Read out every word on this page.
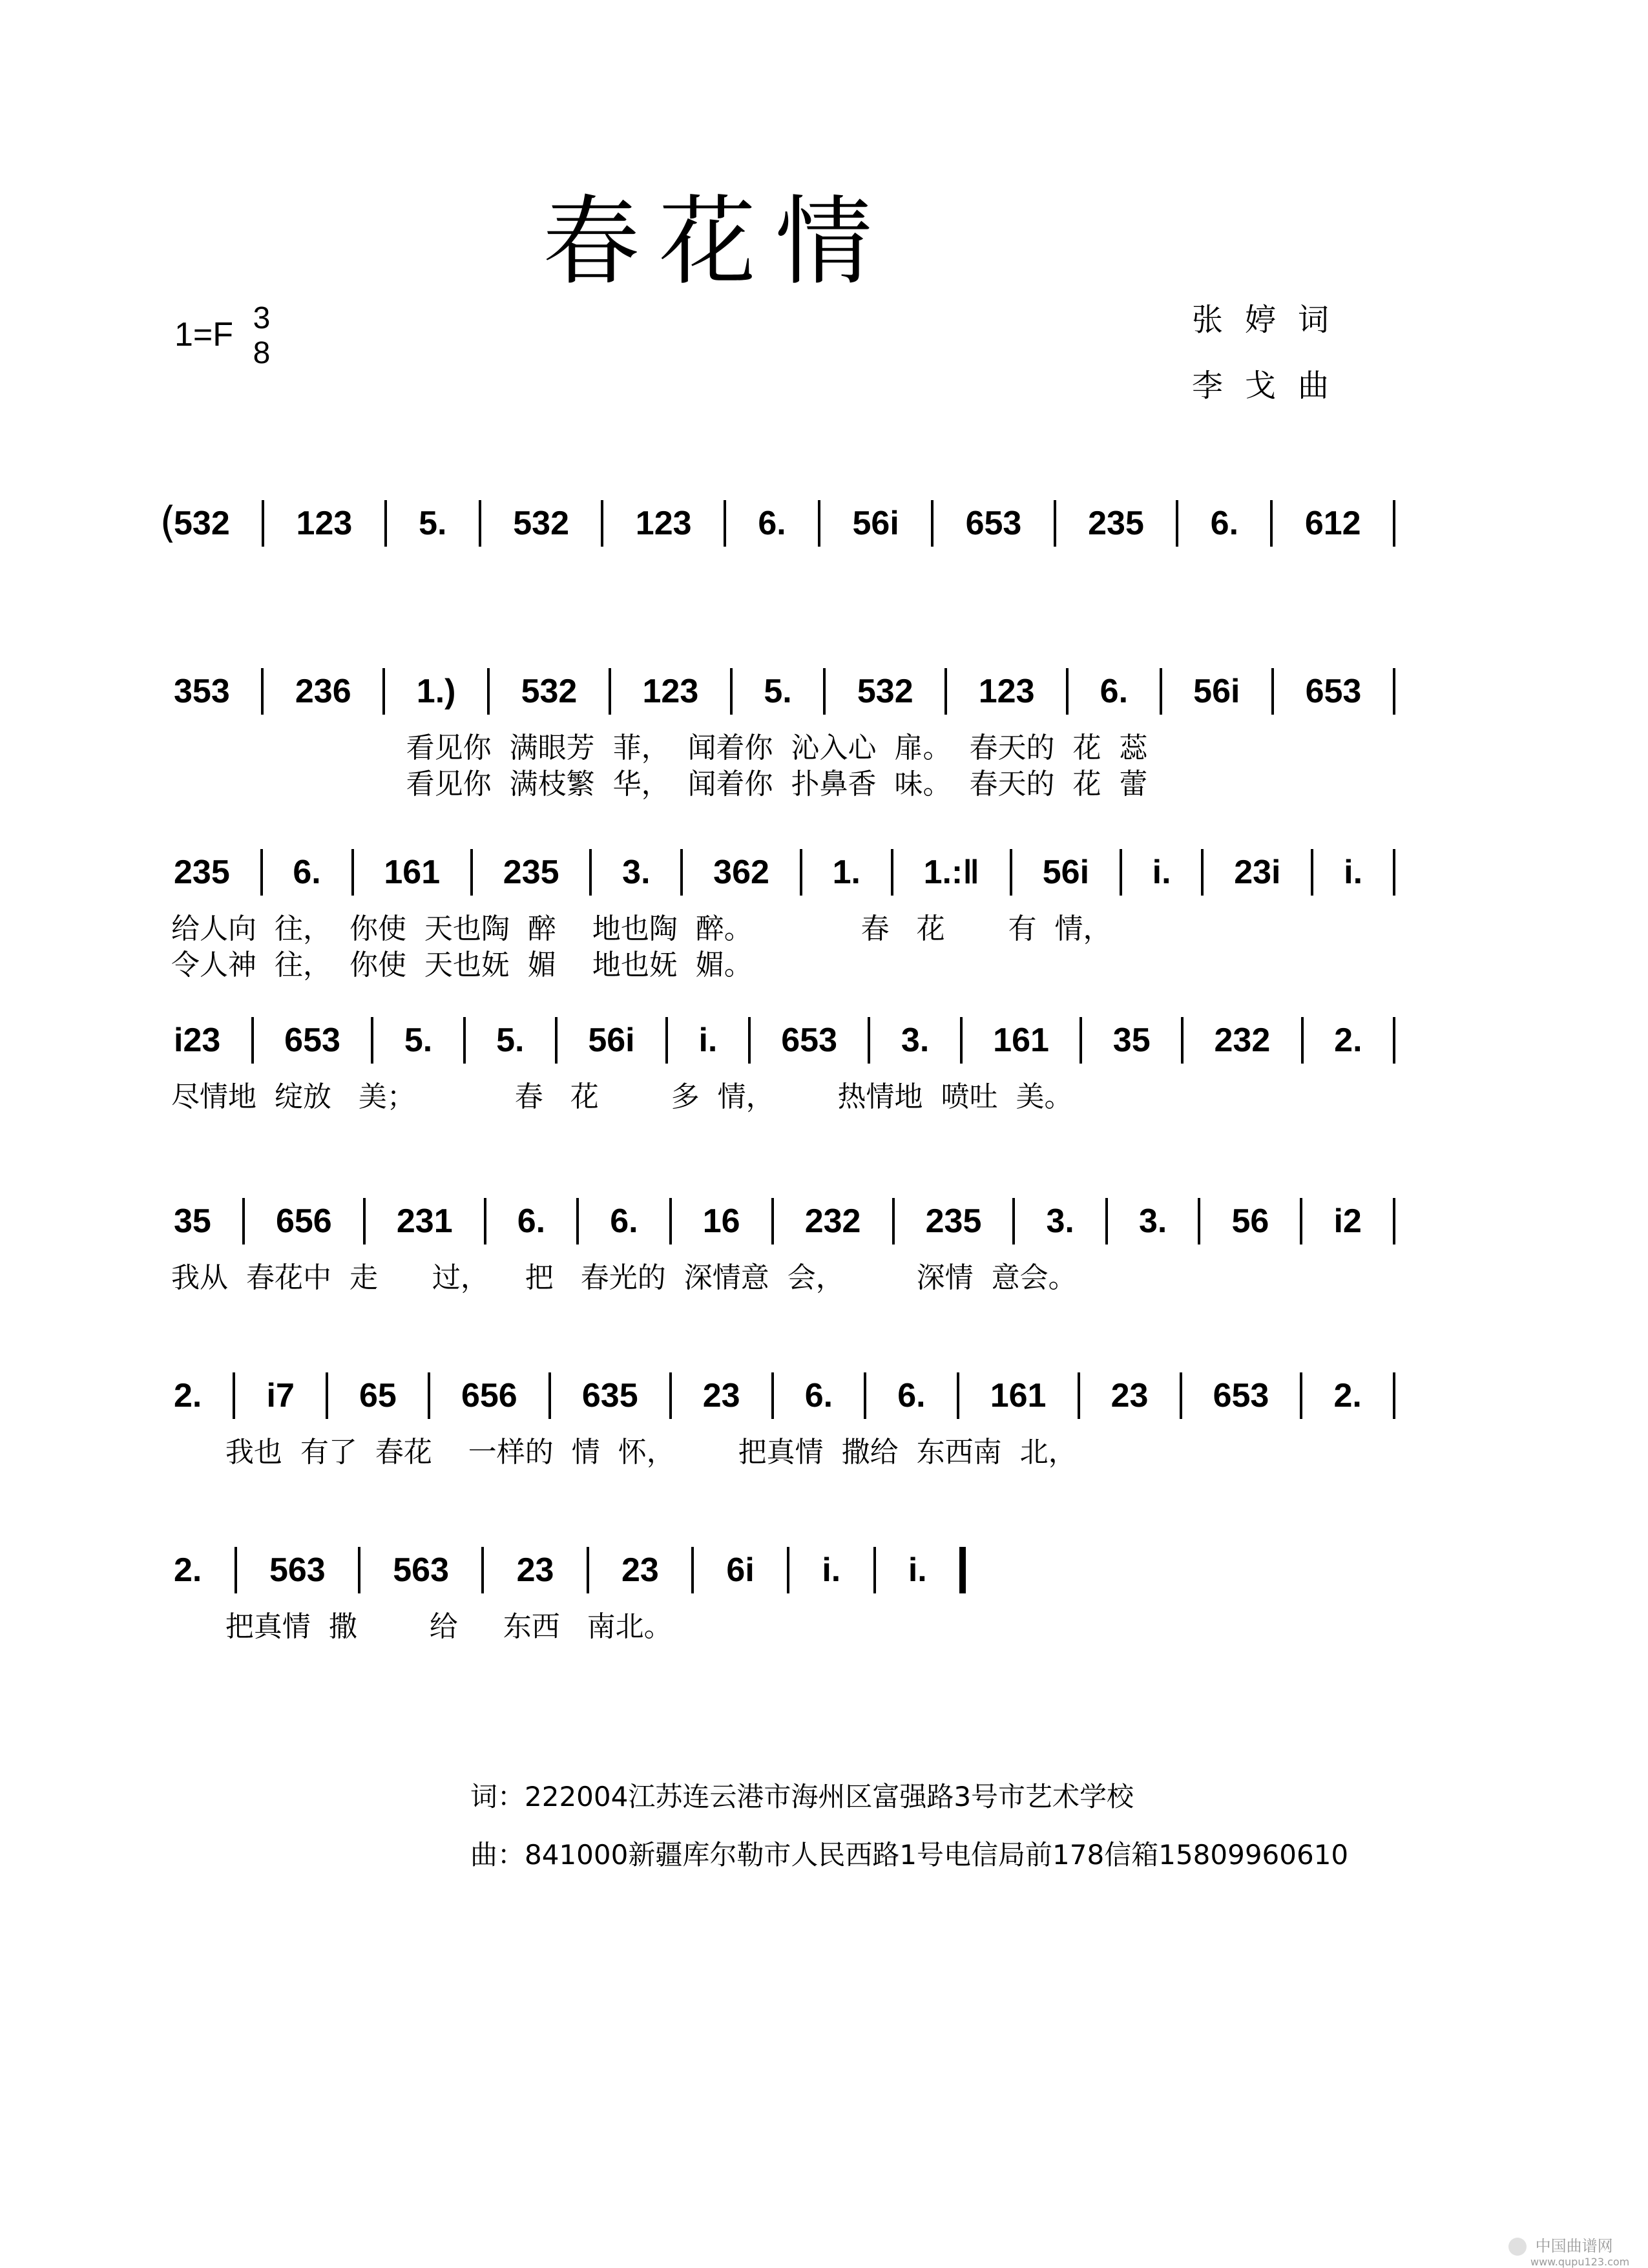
春花情
1=F 3
8
张婷词
李戈曲
(
532 123 5. 532 123 6. 56i 653 235 6. 612
353 236 1.) 532 123 5. 532 123 6. 56i 653
看见你  满眼芳  菲，  闻着你  沁入心  扉。  春天的  花  蕊
看见你  满枝繁  华，  闻着你  扑鼻香  味。  春天的  花  蕾
235 6. 161 235 3. 362 1. 1.:‖ 56i i. 23i i.
给人向  往，  你使  天也陶  醉    地也陶  醉。            春   花       有  情，
令人神  往，  你使  天也妩  媚    地也妩  媚。
i23 653 5. 5. 56i i. 653 3. 161 35 232 2.
尽情地  绽放   美；           春   花        多  情，       热情地  喷吐  美。
35 656 231 6. 6. 16 232 235 3. 3. 56 i2
我从  春花中  走      过，    把   春光的  深情意  会，        深情  意会。
2. i7 65 656 635 23 6. 6. 161 23 653 2.
我也  有了  春花    一样的  情  怀，       把真情  撒给  东西南  北，
2. 563 563 23 23 6i i. i.
把真情  撒        给     东西   南北。
词：222004江苏连云港市海州区富强路3号市艺术学校
曲：841000新疆库尔勒市人民西路1号电信局前178信箱15809960610
中国曲谱网
www.qupu123.com
